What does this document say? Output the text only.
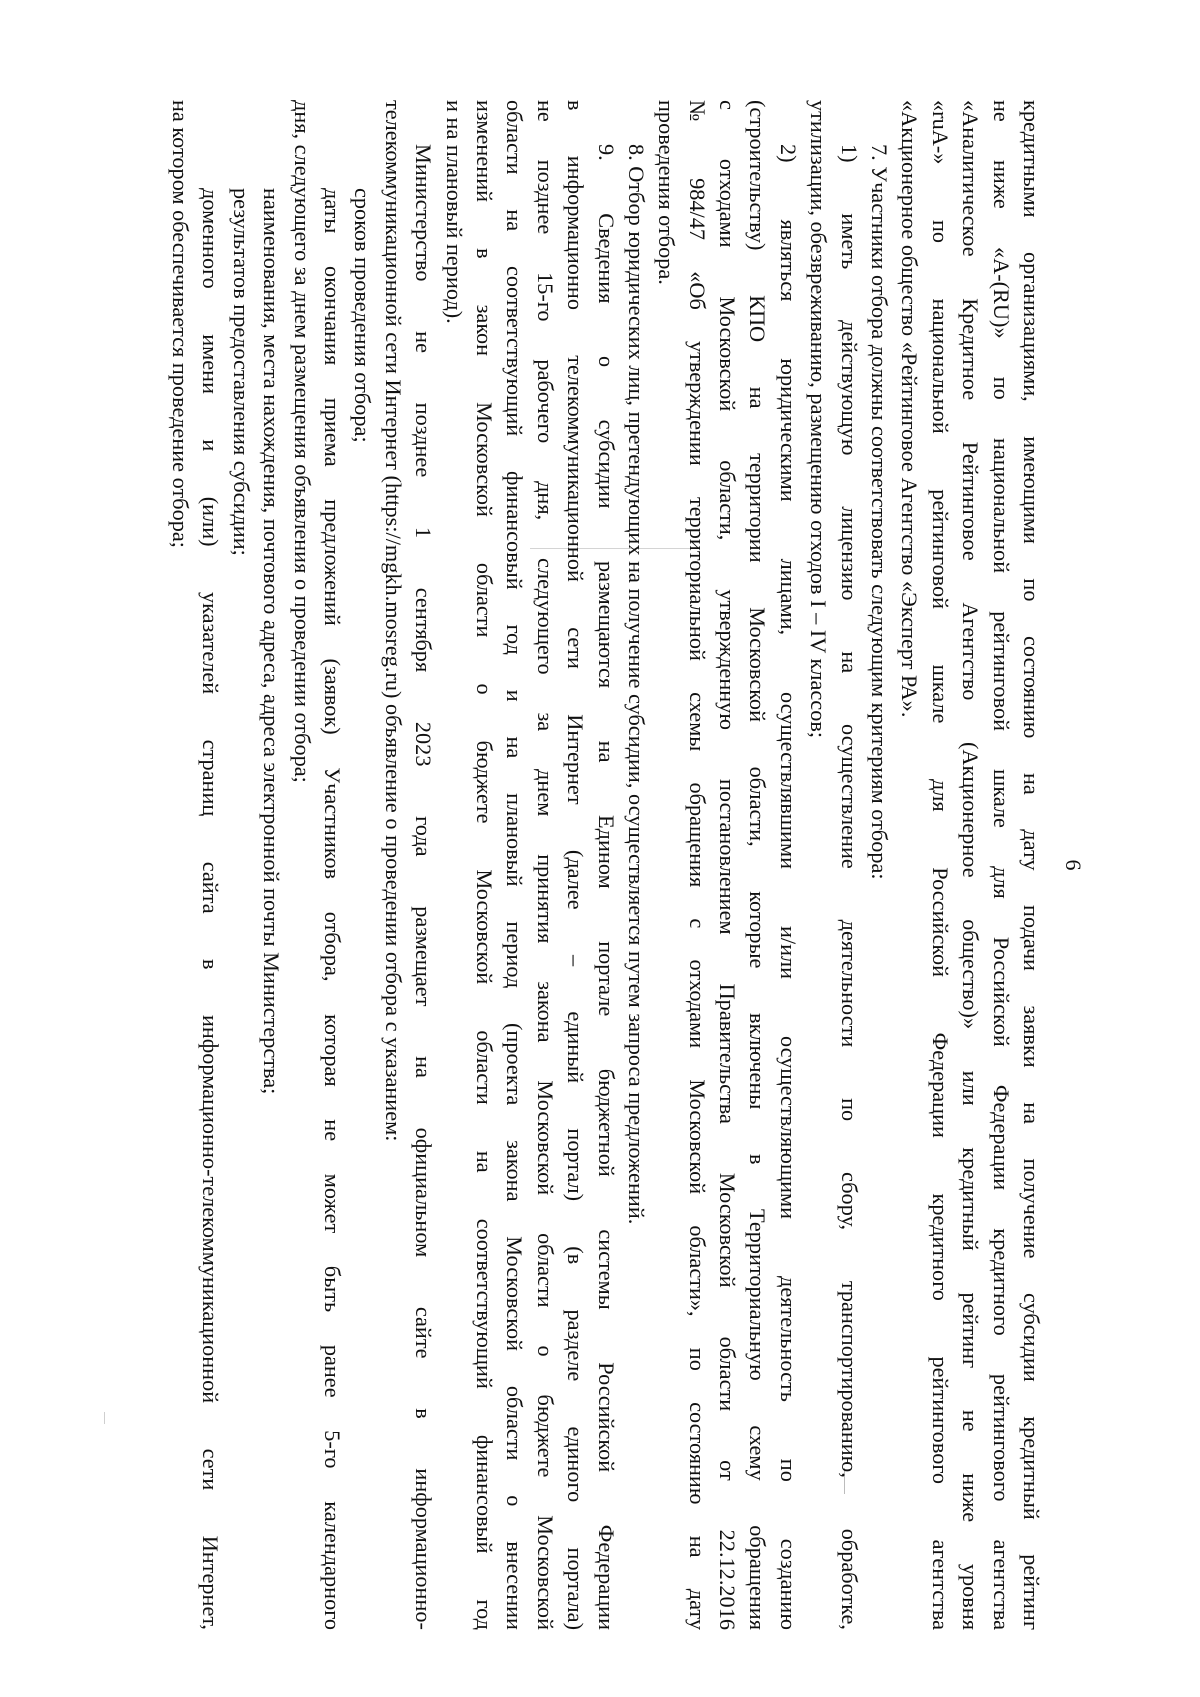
6
кредитными организациями, имеющими по состоянию на дату подачи заявки на получение субсидии кредитный рейтинг
не ниже «A-(RU)» по национальной рейтинговой шкале для Российской Федерации кредитного рейтингового агентства
«Аналитическое Кредитное Рейтинговое Агентство (Акционерное общество)» или кредитный рейтинг не ниже уровня
«ruA-» по национальной рейтинговой шкале для Российской Федерации кредитного рейтингового агентства
«Акционерное общество «Рейтинговое Агентство «Эксперт РА».
7. Участники отбора должны соответствовать следующим критериям отбора:
1) иметь действующую лицензию на осуществление деятельности по сбору, транспортированию, обработке,
утилизации, обезвреживанию, размещению отходов I – IV классов;
2) являться юридическими лицами, осуществлявшими и/или осуществляющими деятельность по созданию
(строительству) КПО на территории Московской области, которые включены в Территориальную схему обращения
с отходами Московской области, утвержденную постановлением Правительства Московской области от 22.12.2016
№ 984/47 «Об утверждении территориальной схемы обращения с отходами Московской области», по состоянию на дату
проведения отбора.
8. Отбор юридических лиц, претендующих на получение субсидии, осуществляется путем запроса предложений.
9. Сведения о субсидии размещаются на Едином портале бюджетной системы Российской Федерации
в информационно телекоммуникационной сети Интернет (далее – единый портал) (в разделе единого портала)
не позднее 15-го рабочего дня, следующего за днем принятия закона Московской области о бюджете Московской
области на соответствующий финансовый год и на плановый период (проекта закона Московской области о внесении
изменений в закон Московской области о бюджете Московской области на соответствующий финансовый год
и на плановый период).
Министерство не позднее 1 сентября 2023 года размещает на официальном сайте в информационно-
телекоммуникационной сети Интернет (https://mgkh.mosreg.ru) объявление о проведении отбора с указанием:
сроков проведения отбора;
даты окончания приема предложений (заявок) Участников отбора, которая не может быть ранее 5-го календарного
дня, следующего за днем размещения объявления о проведении отбора;
наименования, места нахождения, почтового адреса, адреса электронной почты Министерства;
результатов предоставления субсидии;
доменного имени и (или) указателей страниц сайта в информационно-телекоммуникационной сети Интернет,
на котором обеспечивается проведение отбора;
